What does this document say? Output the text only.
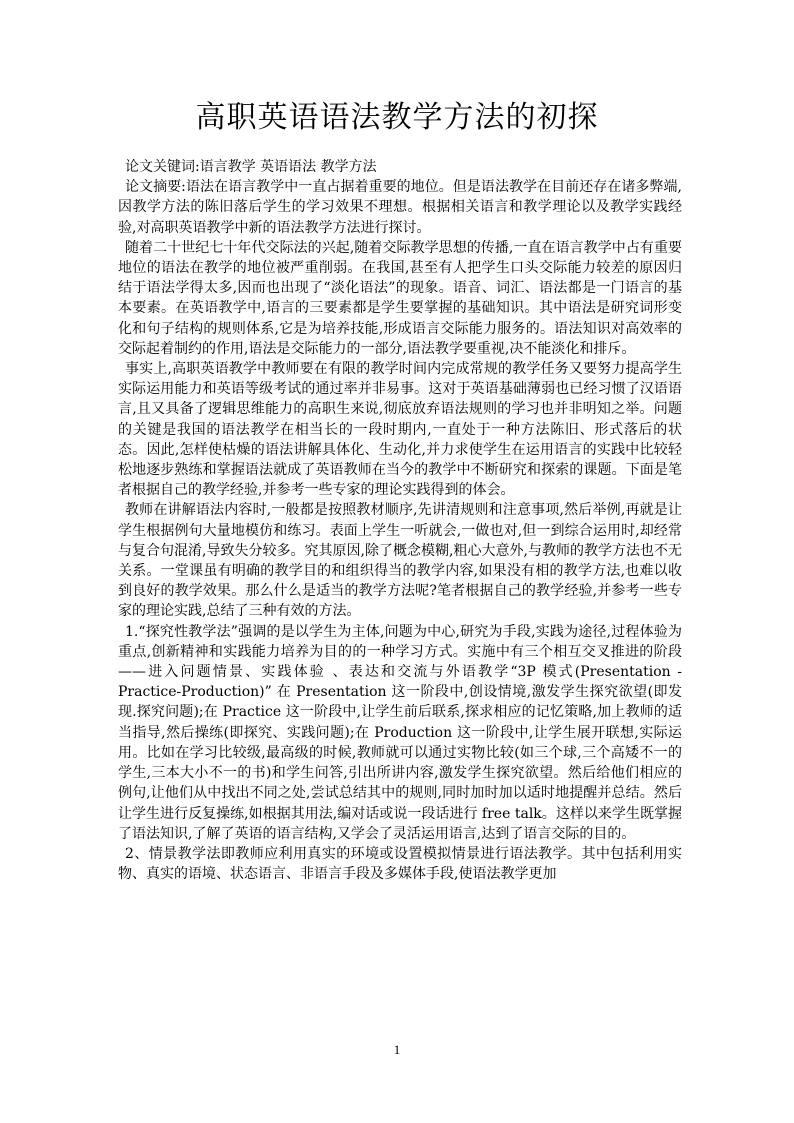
高职英语语法教学方法的初探

论文关键词:语言教学 英语语法 教学方法

论文摘要:语法在语言教学中一直占据着重要的地位。但是语法教学在目前还存在诸多弊端,因教学方法的陈旧落后学生的学习效果不理想。根据相关语言和教学理论以及教学实践经验,对高职英语教学中新的语法教学方法进行探讨。

随着二十世纪七十年代交际法的兴起,随着交际教学思想的传播,一直在语言教学中占有重要地位的语法在教学的地位被严重削弱。在我国,甚至有人把学生口头交际能力较差的原因归结于语法学得太多,因而也出现了“淡化语法”的现象。语音、词汇、语法都是一门语言的基本要素。在英语教学中,语言的三要素都是学生要掌握的基础知识。其中语法是研究词形变化和句子结构的规则体系,它是为培养技能,形成语言交际能力服务的。语法知识对高效率的交际起着制约的作用,语法是交际能力的一部分,语法教学要重视,决不能淡化和排斥。

事实上,高职英语教学中教师要在有限的教学时间内完成常规的教学任务又要努力提高学生实际运用能力和英语等级考试的通过率并非易事。这对于英语基础薄弱也已经习惯了汉语语言,且又具备了逻辑思维能力的高职生来说,彻底放弃语法规则的学习也并非明知之举。问题的关键是我国的语法教学在相当长的一段时期内,一直处于一种方法陈旧、形式落后的状态。因此,怎样使枯燥的语法讲解具体化、生动化,并力求使学生在运用语言的实践中比较轻松地逐步熟练和掌握语法就成了英语教师在当今的教学中不断研究和探索的课题。下面是笔者根据自己的教学经验,并参考一些专家的理论实践得到的体会。

教师在讲解语法内容时,一般都是按照教材顺序,先讲清规则和注意事项,然后举例,再就是让学生根据例句大量地模仿和练习。表面上学生一听就会,一做也对,但一到综合运用时,却经常与复合句混淆,导致失分较多。究其原因,除了概念模糊,粗心大意外,与教师的教学方法也不无关系。一堂课虽有明确的教学目的和组织得当的教学内容,如果没有相的教学方法,也难以收到良好的教学效果。那么什么是适当的教学方法呢?笔者根据自己的教学经验,并参考一些专家的理论实践,总结了三种有效的方法。

1.“探究性教学法”强调的是以学生为主体,问题为中心,研究为手段,实践为途径,过程体验为重点,创新精神和实践能力培养为目的的一种学习方式。实施中有三个相互交叉推进的阶段——进入问题情景、实践体验 、表达和交流与外语教学“3P 模式(Presentation -Practice-Production)” 在 Presentation 这一阶段中,创设情境,激发学生探究欲望(即发现.探究问题);在 Practice 这一阶段中,让学生前后联系,探求相应的记忆策略,加上教师的适当指导,然后操练(即探究、实践问题);在 Production 这一阶段中,让学生展开联想,实际运用。比如在学习比较级,最高级的时候,教师就可以通过实物比较(如三个球,三个高矮不一的学生,三本大小不一的书)和学生问答,引出所讲内容,激发学生探究欲望。然后给他们相应的例句,让他们从中找出不同之处,尝试总结其中的规则,同时加时加以适时地提醒并总结。然后让学生进行反复操练,如根据其用法,编对话或说一段话进行 free talk。这样以来学生既掌握了语法知识,了解了英语的语言结构,又学会了灵活运用语言,达到了语言交际的目的。

2、情景教学法即教师应利用真实的环境或设置模拟情景进行语法教学。其中包括利用实物、真实的语境、状态语言、非语言手段及多媒体手段,使语法教学更加

1
